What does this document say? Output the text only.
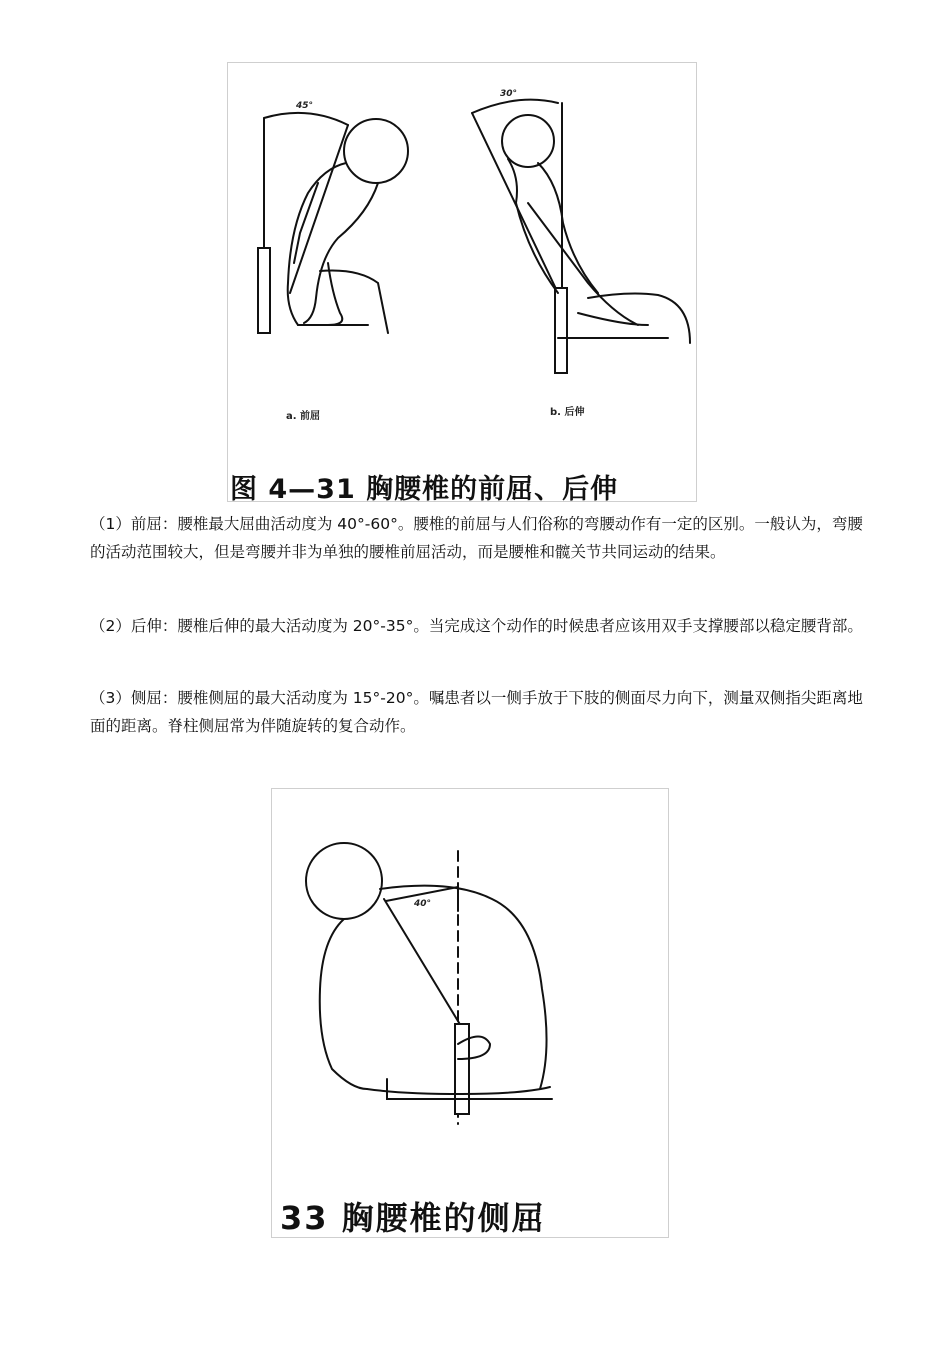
45°
30°
a. 前屈	b. 后伸
图 4—31 胸腰椎的前屈、后伸
（1）前屈：腰椎最大屈曲活动度为 40°-60°。腰椎的前屈与人们俗称的弯腰动作有一定的区别。一般认为，弯腰的活动范围较大，但是弯腰并非为单独的腰椎前屈活动，而是腰椎和髋关节共同运动的结果。
（2）后伸：腰椎后伸的最大活动度为 20°-35°。当完成这个动作的时候患者应该用双手支撑腰部以稳定腰背部。
（3）侧屈：腰椎侧屈的最大活动度为 15°-20°。嘱患者以一侧手放于下肢的侧面尽力向下，测量双侧指尖距离地面的距离。脊柱侧屈常为伴随旋转的复合动作。
40°
33 胸腰椎的侧屈
